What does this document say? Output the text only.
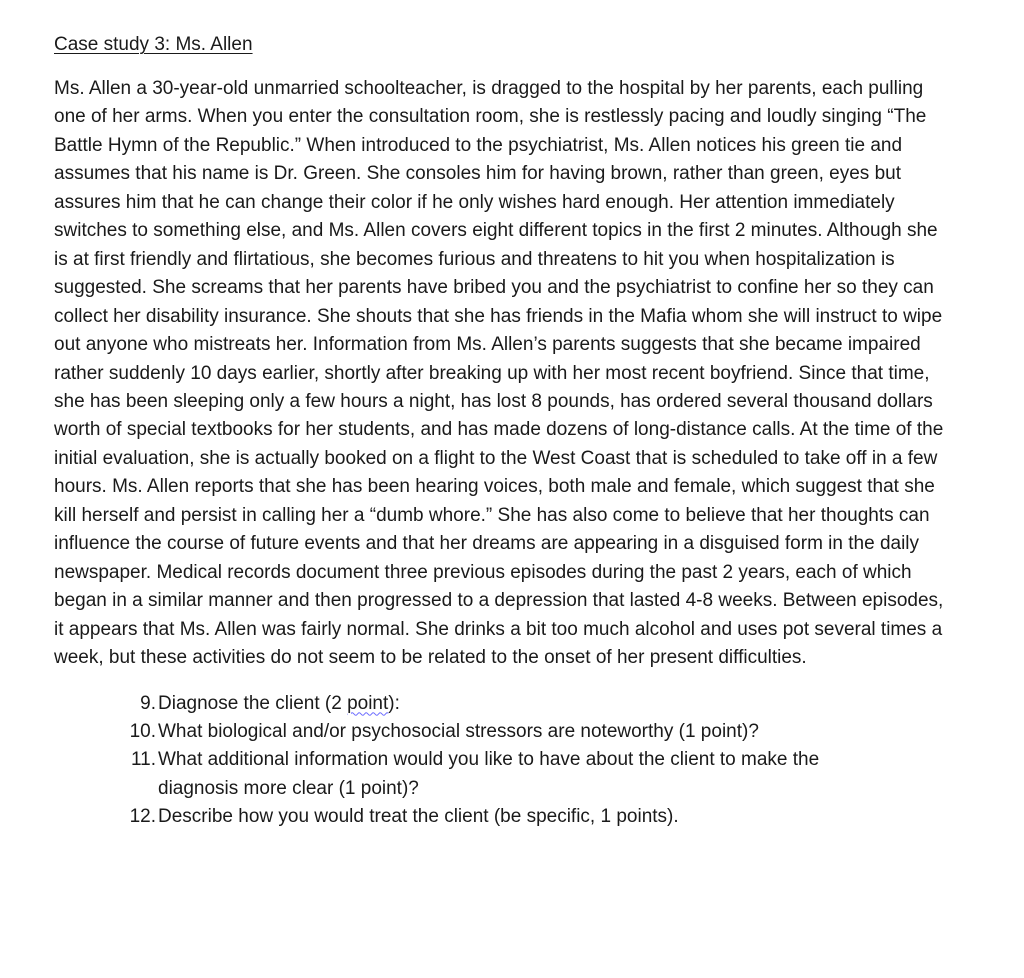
Case study 3: Ms. Allen

Ms. Allen a 30-year-old unmarried schoolteacher, is dragged to the hospital by her parents, each pulling one of her arms. When you enter the consultation room, she is restlessly pacing and loudly singing “The Battle Hymn of the Republic.” When introduced to the psychiatrist, Ms. Allen notices his green tie and assumes that his name is Dr. Green. She consoles him for having brown, rather than green, eyes but assures him that he can change their color if he only wishes hard enough. Her attention immediately switches to something else, and Ms. Allen covers eight different topics in the first 2 minutes. Although she is at first friendly and flirtatious, she becomes furious and threatens to hit you when hospitalization is suggested. She screams that her parents have bribed you and the psychiatrist to confine her so they can collect her disability insurance. She shouts that she has friends in the Mafia whom she will instruct to wipe out anyone who mistreats her. Information from Ms. Allen’s parents suggests that she became impaired rather suddenly 10 days earlier, shortly after breaking up with her most recent boyfriend. Since that time, she has been sleeping only a few hours a night, has lost 8 pounds, has ordered several thousand dollars worth of special textbooks for her students, and has made dozens of long-distance calls. At the time of the initial evaluation, she is actually booked on a flight to the West Coast that is scheduled to take off in a few hours. Ms. Allen reports that she has been hearing voices, both male and female, which suggest that she kill herself and persist in calling her a “dumb whore.” She has also come to believe that her thoughts can influence the course of future events and that her dreams are appearing in a disguised form in the daily newspaper. Medical records document three previous episodes during the past 2 years, each of which began in a similar manner and then progressed to a depression that lasted 4-8 weeks. Between episodes, it appears that Ms. Allen was fairly normal. She drinks a bit too much alcohol and uses pot several times a week, but these activities do not seem to be related to the onset of her present difficulties.

9. Diagnose the client (2 point):
10. What biological and/or psychosocial stressors are noteworthy (1 point)?
11. What additional information would you like to have about the client to make the diagnosis more clear (1 point)?
12. Describe how you would treat the client (be specific, 1 points).
